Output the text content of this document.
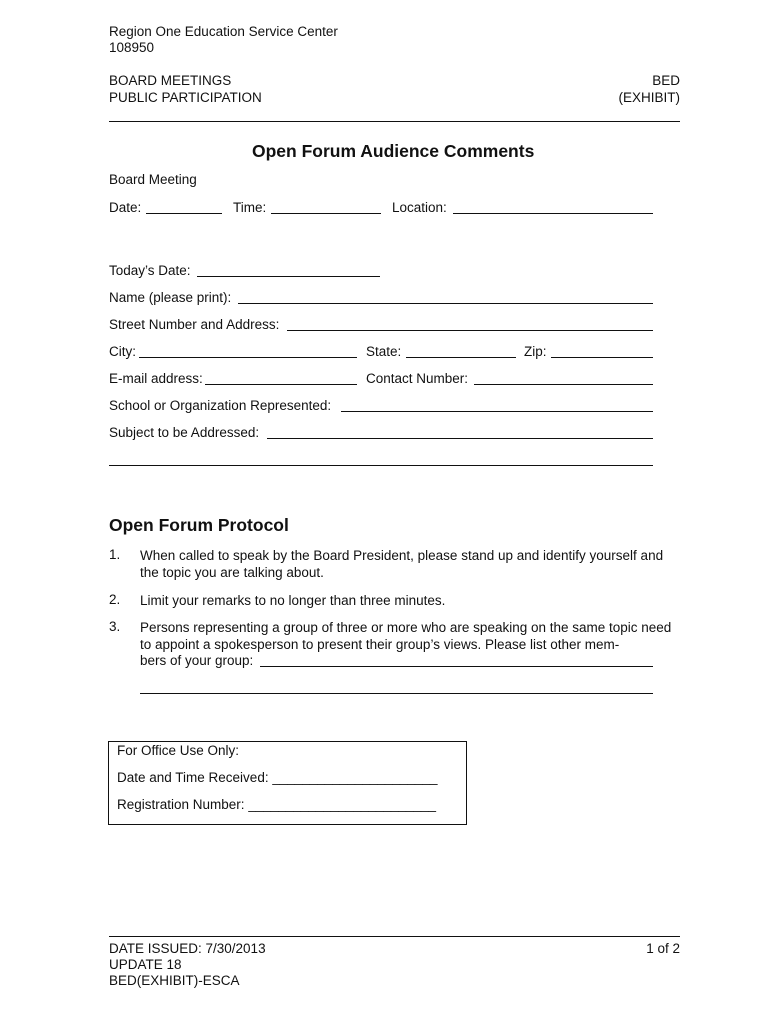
Region One Education Service Center
108950
BOARD MEETINGS
PUBLIC PARTICIPATION
BED
(EXHIBIT)
Open Forum Audience Comments
Board Meeting
Date:	Time:	Location:
Today’s Date:
Name (please print):
Street Number and Address:
City:	State:	Zip:
E-mail address:	Contact Number:
School or Organization Represented:
Subject to be Addressed:
Open Forum Protocol
1. When called to speak by the Board President, please stand up and identify yourself and the topic you are talking about.
2. Limit your remarks to no longer than three minutes.
3. Persons representing a group of three or more who are speaking on the same topic need to appoint a spokesperson to present their group’s views. Please list other mem-
bers of your group:
For Office Use Only:
Date and Time Received: ______________________
Registration Number: _________________________
DATE ISSUED: 7/30/2013
UPDATE 18
BED(EXHIBIT)-ESCA
1 of 2
